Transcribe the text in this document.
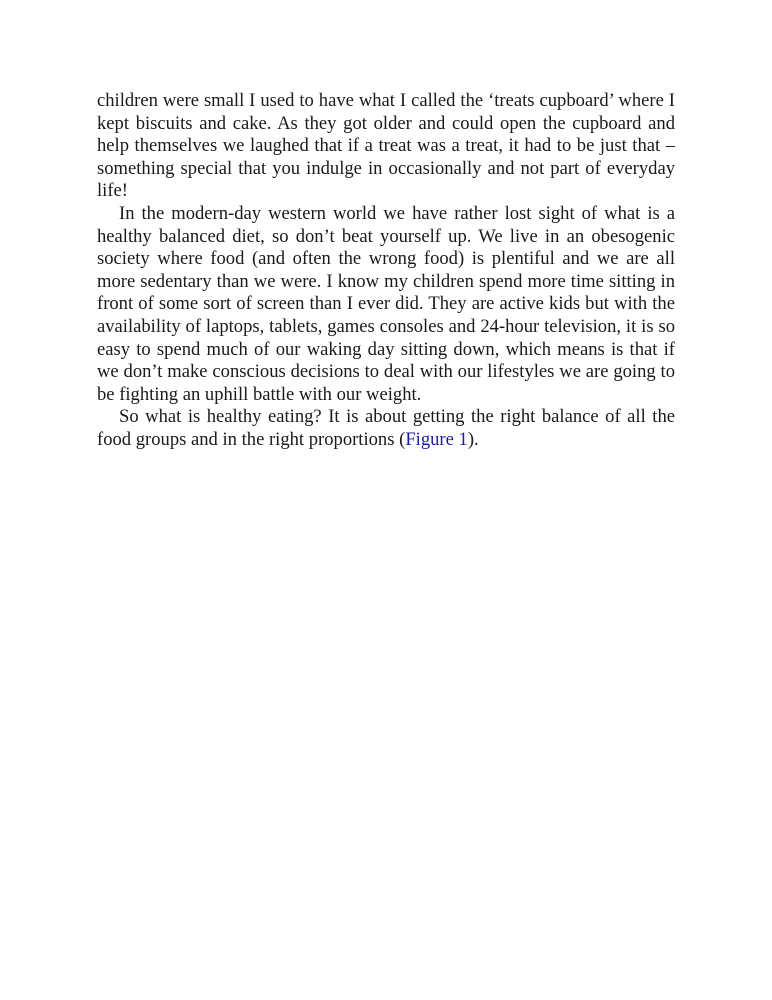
children were small I used to have what I called the ‘treats cupboard’ where I kept biscuits and cake. As they got older and could open the cupboard and help themselves we laughed that if a treat was a treat, it had to be just that – something special that you indulge in occasionally and not part of everyday life!

In the modern-day western world we have rather lost sight of what is a healthy balanced diet, so don’t beat yourself up. We live in an obesogenic society where food (and often the wrong food) is plentiful and we are all more sedentary than we were. I know my children spend more time sitting in front of some sort of screen than I ever did. They are active kids but with the availability of laptops, tablets, games consoles and 24-hour television, it is so easy to spend much of our waking day sitting down, which means is that if we don’t make conscious decisions to deal with our lifestyles we are going to be fighting an uphill battle with our weight.

So what is healthy eating? It is about getting the right balance of all the food groups and in the right proportions (Figure 1).
